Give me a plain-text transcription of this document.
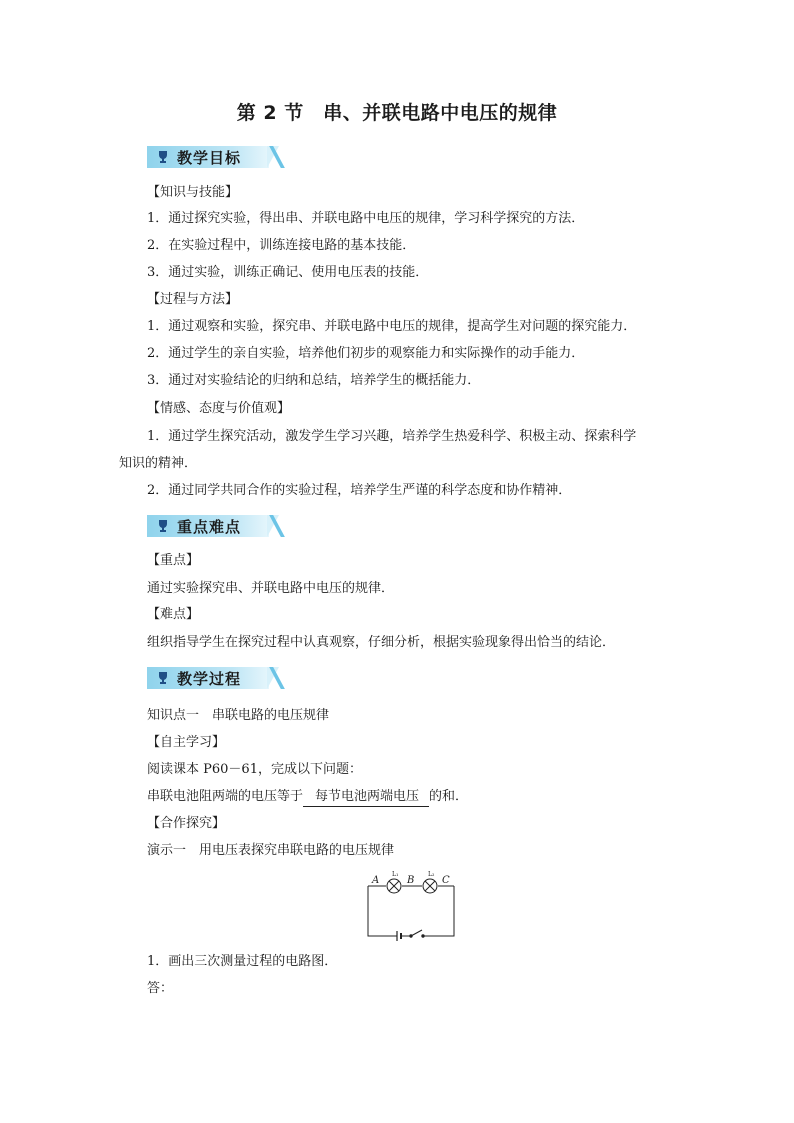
第 2 节　串、并联电路中电压的规律
教学目标
【知识与技能】
1．通过探究实验，得出串、并联电路中电压的规律，学习科学探究的方法．
2．在实验过程中，训练连接电路的基本技能．
3．通过实验，训练正确记、使用电压表的技能．
【过程与方法】
1．通过观察和实验，探究串、并联电路中电压的规律，提高学生对问题的探究能力．
2．通过学生的亲自实验，培养他们初步的观察能力和实际操作的动手能力．
3．通过对实验结论的归纳和总结，培养学生的概括能力．
【情感、态度与价值观】
1．通过学生探究活动，激发学生学习兴趣，培养学生热爱科学、积极主动、探索科学
知识的精神．
2．通过同学共同合作的实验过程，培养学生严谨的科学态度和协作精神．
重点难点
【重点】
通过实验探究串、并联电路中电压的规律．
【难点】
组织指导学生在探究过程中认真观察，仔细分析，根据实验现象得出恰当的结论．
教学过程
知识点一　串联电路的电压规律
【自主学习】
阅读课本 P60－61，完成以下问题：
串联电池阻两端的电压等于 每节电池两端电压 的和．
【合作探究】
演示一　用电压表探究串联电路的电压规律
A	B	C
L₁	L₂
1．画出三次测量过程的电路图．
答：
